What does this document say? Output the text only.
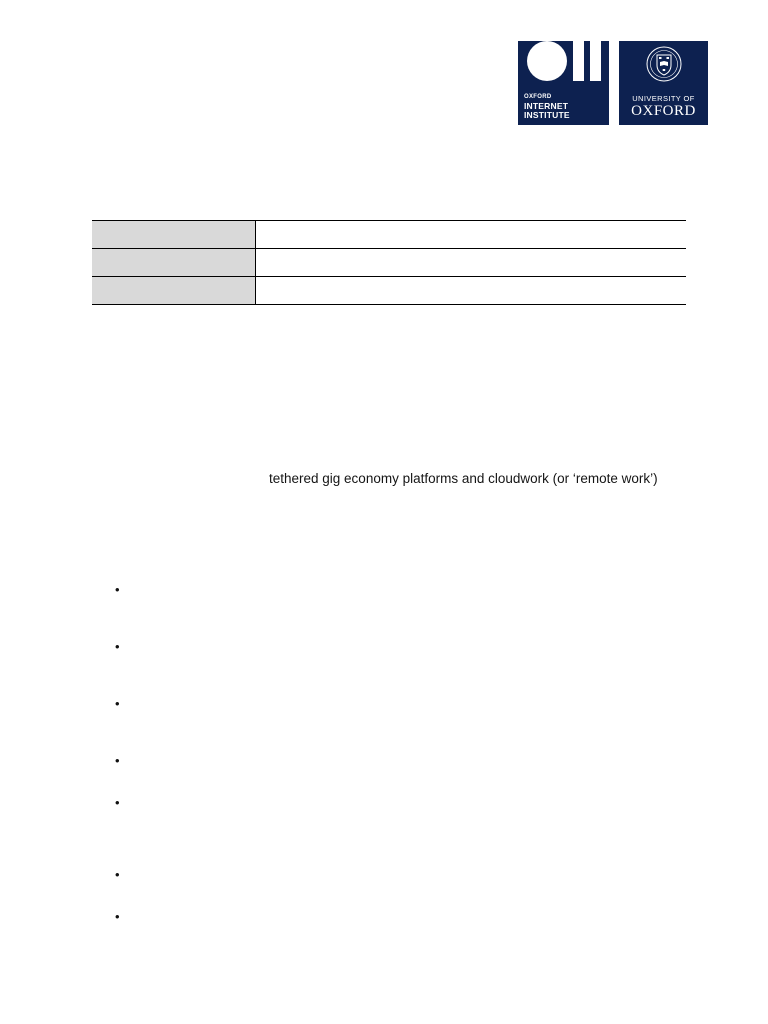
OXFORD
INTERNET
INSTITUTE
UNIVERSITY OF
OXFORD

tethered gig economy platforms and cloudwork (or ‘remote work’)
•
•
•
•
•
•
•
